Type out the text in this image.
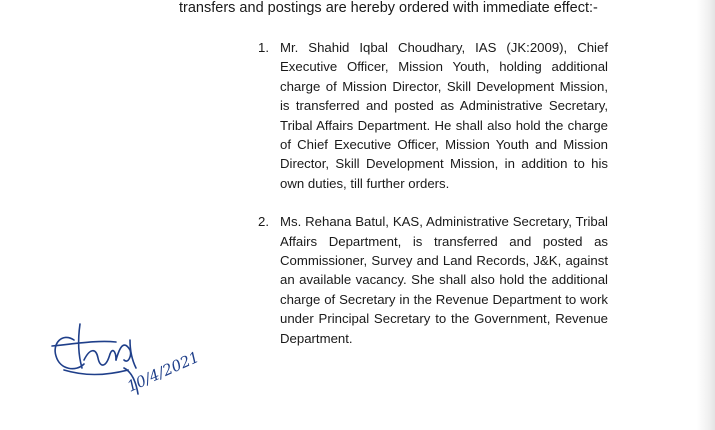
transfers and postings are hereby ordered with immediate effect:-
1. Mr. Shahid Iqbal Choudhary, IAS (JK:2009), Chief Executive Officer, Mission Youth, holding additional charge of Mission Director, Skill Development Mission, is transferred and posted as Administrative Secretary, Tribal Affairs Department. He shall also hold the charge of Chief Executive Officer, Mission Youth and Mission Director, Skill Development Mission, in addition to his own duties, till further orders.
2. Ms. Rehana Batul, KAS, Administrative Secretary, Tribal Affairs Department, is transferred and posted as Commissioner, Survey and Land Records, J&K, against an available vacancy. She shall also hold the additional charge of Secretary in the Revenue Department to work under Principal Secretary to the Government, Revenue Department.
10/4/2021
